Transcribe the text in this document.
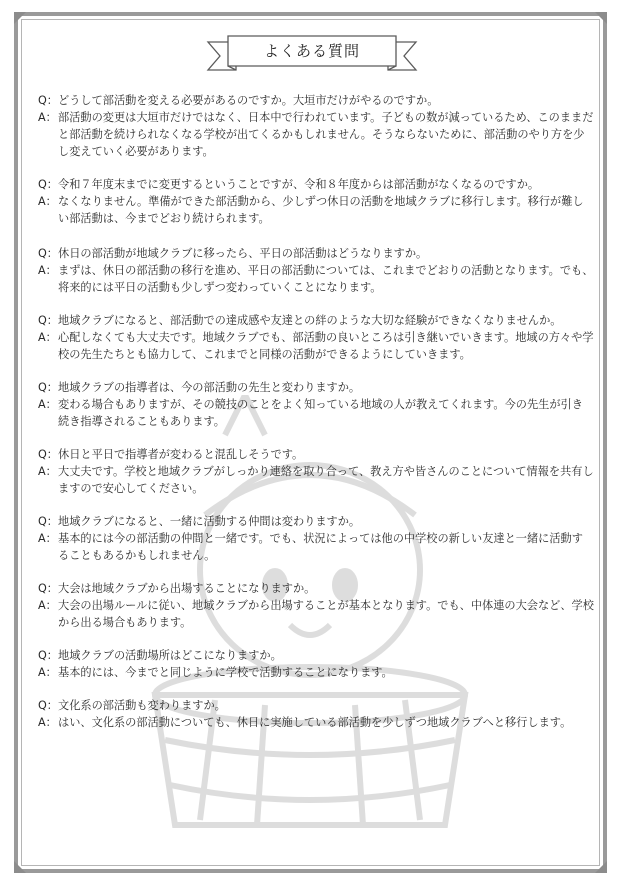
よくある質問
Q： どうして部活動を変える必要があるのですか。大垣市だけがやるのですか。
A： 部活動の変更は大垣市だけではなく、日本中で行われています。子どもの数が減っているため、このままだと部活動を続けられなくなる学校が出てくるかもしれません。そうならないために、部活動のやり方を少し変えていく必要があります。
Q： 令和７年度末までに変更するということですが、令和８年度からは部活動がなくなるのですか。
A： なくなりません。準備ができた部活動から、少しずつ休日の活動を地域クラブに移行します。移行が難しい部活動は、今までどおり続けられます。
Q： 休日の部活動が地域クラブに移ったら、平日の部活動はどうなりますか。
A： まずは、休日の部活動の移行を進め、平日の部活動については、これまでどおりの活動となります。でも、将来的には平日の活動も少しずつ変わっていくことになります。
Q： 地域クラブになると、部活動での達成感や友達との絆のような大切な経験ができなくなりませんか。
A： 心配しなくても大丈夫です。地域クラブでも、部活動の良いところは引き継いでいきます。地域の方々や学校の先生たちとも協力して、これまでと同様の活動ができるようにしていきます。
Q： 地域クラブの指導者は、今の部活動の先生と変わりますか。
A： 変わる場合もありますが、その競技のことをよく知っている地域の人が教えてくれます。今の先生が引き続き指導されることもあります。
Q： 休日と平日で指導者が変わると混乱しそうです。
A： 大丈夫です。学校と地域クラブがしっかり連絡を取り合って、教え方や皆さんのことについて情報を共有しますので安心してください。
Q： 地域クラブになると、一緒に活動する仲間は変わりますか。
A： 基本的には今の部活動の仲間と一緒です。でも、状況によっては他の中学校の新しい友達と一緒に活動することもあるかもしれません。
Q： 大会は地域クラブから出場することになりますか。
A： 大会の出場ルールに従い、地域クラブから出場することが基本となります。でも、中体連の大会など、学校から出る場合もあります。
Q： 地域クラブの活動場所はどこになりますか。
A： 基本的には、今までと同じように学校で活動することになります。
Q： 文化系の部活動も変わりますか。
A： はい、文化系の部活動についても、休日に実施している部活動を少しずつ地域クラブへと移行します。
